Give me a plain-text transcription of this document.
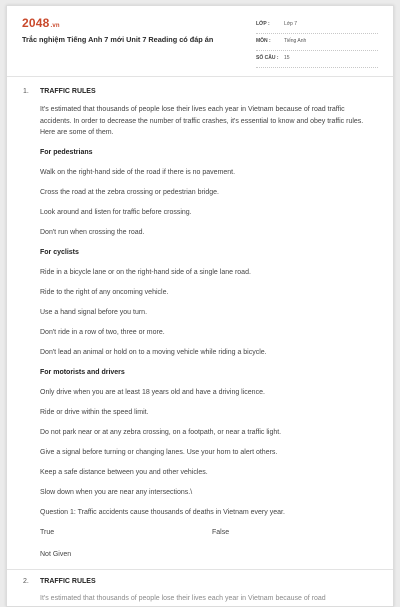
2048.vn
Trắc nghiệm Tiếng Anh 7 mới Unit 7 Reading có đáp án
LỚP :	Lớp 7
MÔN :	Tiếng Anh
SỐ CÂU : 15
1. TRAFFIC RULES
It's estimated that thousands of people lose their lives each year in Vietnam because of road traffic accidents. In order to decrease the number of traffic crashes, it's essential to know and obey traffic rules. Here are some of them.
For pedestrians
Walk on the right-hand side of the road if there is no pavement.
Cross the road at the zebra crossing or pedestrian bridge.
Look around and listen for traffic before crossing.
Don't run when crossing the road.
For cyclists
Ride in a bicycle lane or on the right-hand side of a single lane road.
Ride to the right of any oncoming vehicle.
Use a hand signal before you turn.
Don't ride in a row of two, three or more.
Don't lead an animal or hold on to a moving vehicle while riding a bicycle.
For motorists and drivers
Only drive when you are at least 18 years old and have a driving licence.
Ride or drive within the speed limit.
Do not park near or at any zebra crossing, on a footpath, or near a traffic light.
Give a signal before turning or changing lanes. Use your horn to alert others.
Keep a safe distance between you and other vehicles.
Slow down when you are near any intersections.\
Question 1: Traffic accidents cause thousands of deaths in Vietnam every year.
True	False
Not Given
2. TRAFFIC RULES
It's estimated that thousands of people lose their lives each year in Vietnam because of road
